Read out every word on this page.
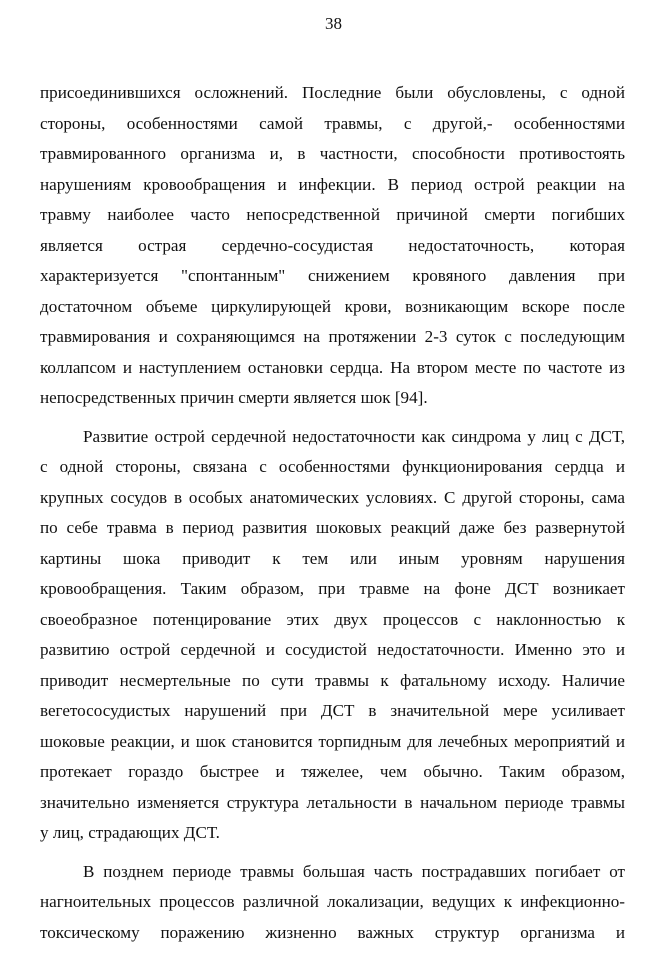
38
присоединившихся осложнений. Последние были обусловлены, с одной
стороны, особенностями самой травмы, с другой,- особенностями
травмированного организма и, в частности, способности противостоять
нарушениям кровообращения и инфекции. В период острой реакции на
травму наиболее часто непосредственной причиной смерти погибших
является острая сердечно-сосудистая недостаточность, которая
характеризуется "спонтанным" снижением кровяного давления при
достаточном объеме циркулирующей крови, возникающим вскоре после
травмирования и сохраняющимся на протяжении 2-3 суток с последующим
коллапсом и наступлением остановки сердца. На втором месте по частоте из
непосредственных причин смерти является шок [94].
Развитие острой сердечной недостаточности как синдрома у лиц с ДСТ,
с одной стороны, связана с особенностями функционирования сердца и
крупных сосудов в особых анатомических условиях. С другой стороны, сама
по себе травма в период развития шоковых реакций даже без развернутой
картины шока приводит к тем или иным уровням нарушения
кровообращения. Таким образом, при травме на фоне ДСТ возникает
своеобразное потенцирование этих двух процессов с наклонностью к
развитию острой сердечной и сосудистой недостаточности. Именно это и
приводит несмертельные по сути травмы к фатальному исходу. Наличие
вегетососудистых нарушений при ДСТ в значительной мере усиливает
шоковые реакции, и шок становится торпидным для лечебных мероприятий и
протекает гораздо быстрее и тяжелее, чем обычно. Таким образом,
значительно изменяется структура летальности в начальном периоде травмы
у лиц, страдающих ДСТ.
В позднем периоде травмы большая часть пострадавших погибает от
нагноительных процессов различной локализации, ведущих к инфекционно-
токсическому поражению жизненно важных структур организма и
